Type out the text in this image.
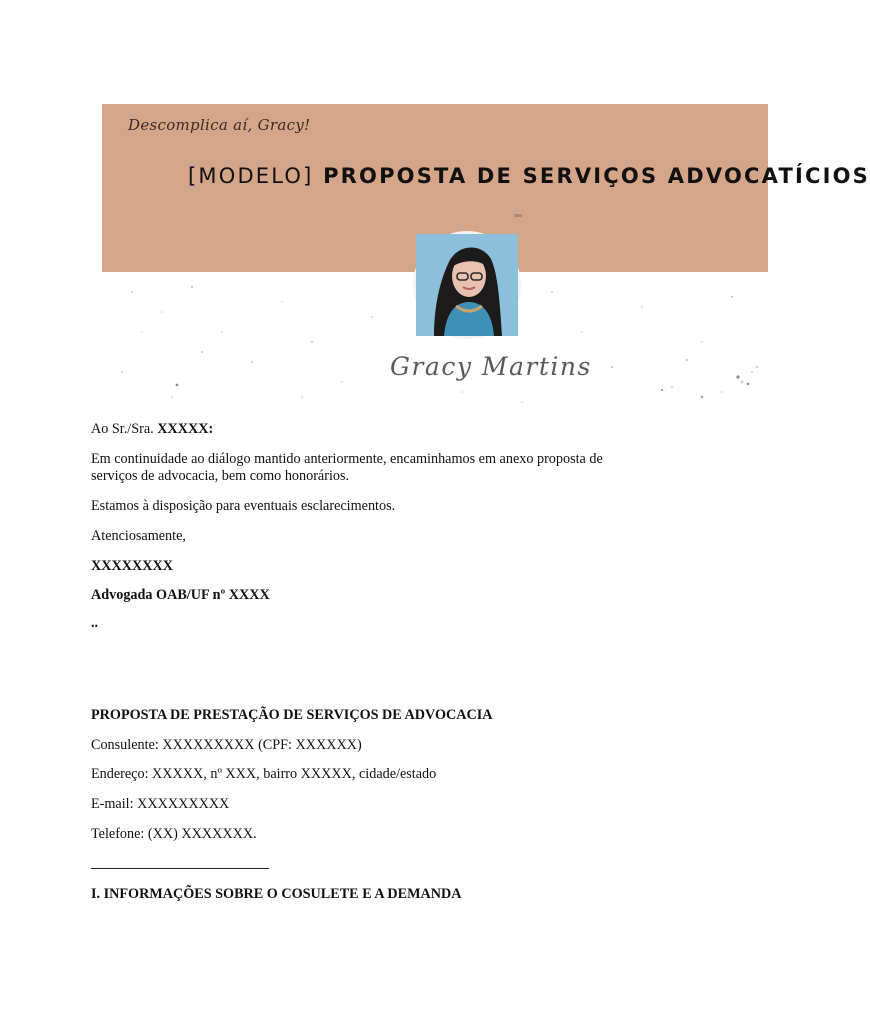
Descomplica aí, Gracy!
[MODELO] PROPOSTA DE SERVIÇOS ADVOCATÍCIOS
Gracy Martins
Ao Sr./Sra. XXXXX:
Em continuidade ao diálogo mantido anteriormente, encaminhamos em anexo proposta de
serviços de advocacia, bem como honorários.
Estamos à disposição para eventuais esclarecimentos.
Atenciosamente,
XXXXXXXX
Advogada OAB/UF nº XXXX
..
PROPOSTA DE PRESTAÇÃO DE SERVIÇOS DE ADVOCACIA
Consulente: XXXXXXXXX (CPF: XXXXXX)
Endereço: XXXXX, nº XXX, bairro XXXXX, cidade/estado
E-mail: XXXXXXXXX
Telefone: (XX) XXXXXXX.
I. INFORMAÇÕES SOBRE O COSULETE E A DEMANDA
